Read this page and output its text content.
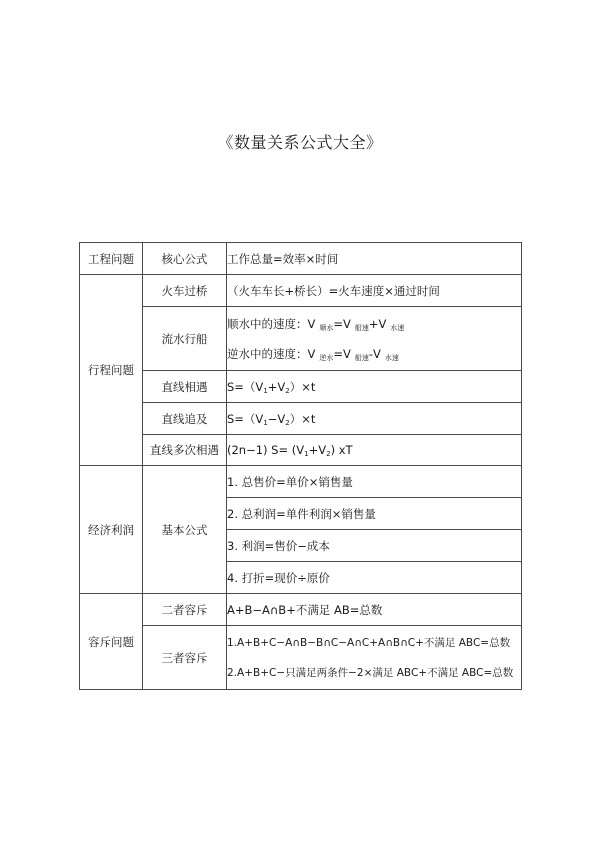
《数量关系公式大全》
工程问题	核心公式	工作总量=效率×时间
行程问题	火车过桥	（火车车长+桥长）=火车速度×通过时间
	流水行船	顺水中的速度：V $_{顺水}$=V $_{船速}$+V $_{水速}$
逆水中的速度：V $_{逆水}$=V $_{船速}$-V $_{水速}$

	直线相遇	$S=(V_1+V_2)\times t$
	直线追及	$S=(V_1-V_2)\times t$
	直线多次相遇	(2n−1) $S= (V_1+V_2)$ xT
经济利润	基本公式	1. 总售价=单价×销售量
		2. 总利润=单件利润×销售量
		3. 利润=售价−成本
		4. 打折=现价÷原价
容斥问题	二者容斥	A+B−A∩B+不满足 AB=总数
	三者容斥	1.A+B+C−A∩B−B∩C−A∩C+A∩B∩C+不满足 ABC=总数
2.A+B+C−只满足两条件−2×满足 ABC+不满足 ABC=总数
